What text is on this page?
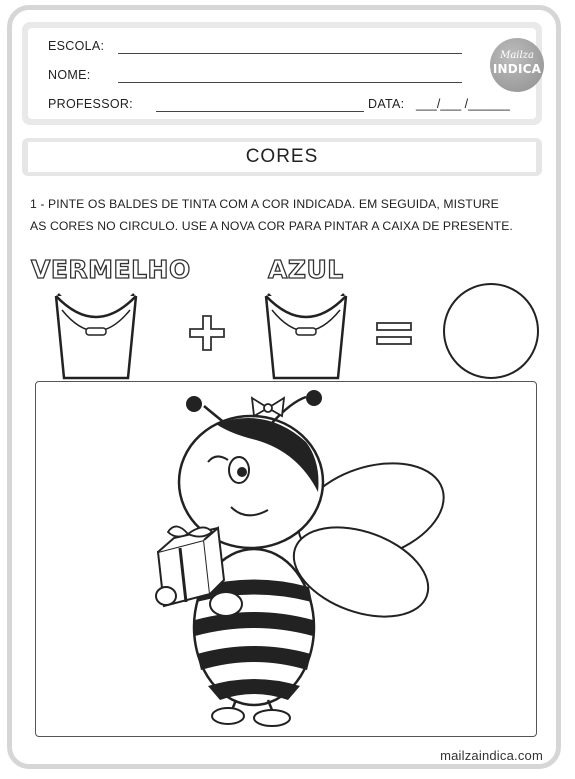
ESCOLA:
NOME:
PROFESSOR:	DATA: ___/___ /______
Mailza
INDICA
CORES
1 - PINTE OS BALDES DE TINTA COM A COR INDICADA. EM SEGUIDA, MISTURE
AS CORES NO CIRCULO. USE A NOVA COR PARA PINTAR A CAIXA DE PRESENTE.
VERMELHO	AZUL
mailzaindica.com
